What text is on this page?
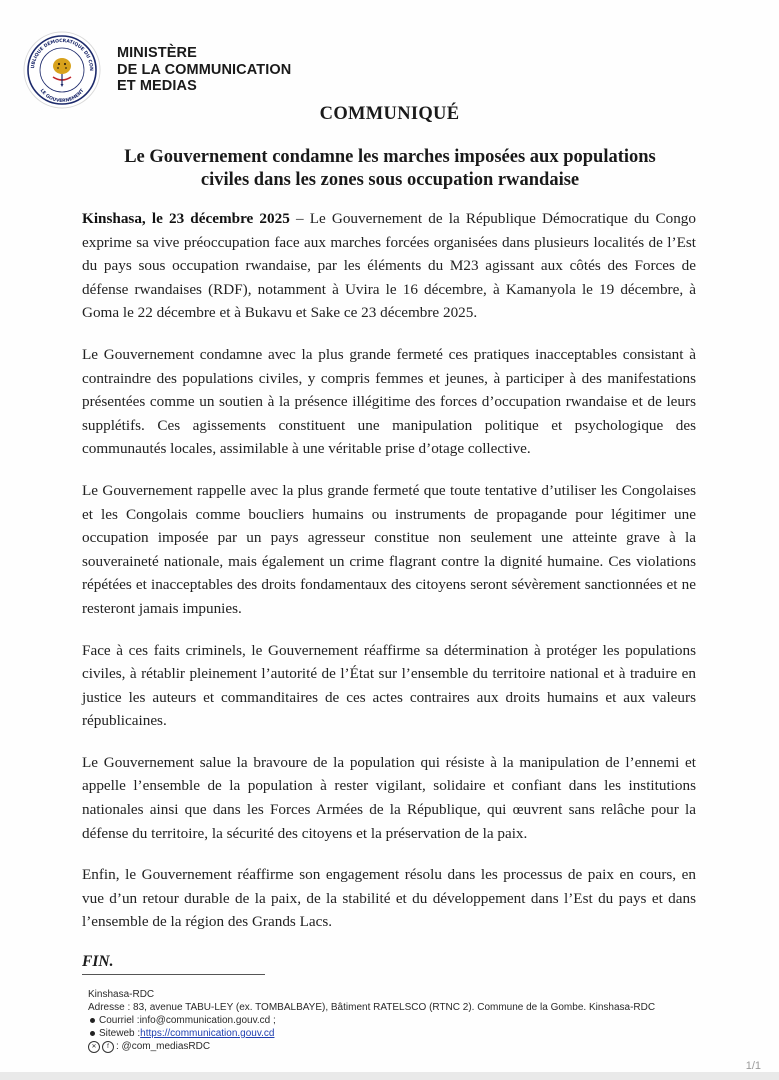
UBLIQUE DÉMOCRATIQUE DU CON
LE GOUVERNEMENT
MINISTÈRE
DE LA COMMUNICATION
ET MEDIAS
COMMUNIQUÉ
Le Gouvernement condamne les marches imposées aux populations
civiles dans les zones sous occupation rwandaise

Kinshasa, le 23 décembre 2025 – Le Gouvernement de la République Démocratique du Congo exprime sa vive préoccupation face aux marches forcées organisées dans plusieurs localités de l’Est du pays sous occupation rwandaise, par les éléments du M23 agissant aux côtés des Forces de défense rwandaises (RDF), notamment à Uvira le 16 décembre, à Kamanyola le 19 décembre, à Goma le 22 décembre et à Bukavu et Sake ce 23 décembre 2025.

Le Gouvernement condamne avec la plus grande fermeté ces pratiques inacceptables consistant à contraindre des populations civiles, y compris femmes et jeunes, à participer à des manifestations présentées comme un soutien à la présence illégitime des forces d’occupation rwandaise et de leurs supplétifs. Ces agissements constituent une manipulation politique et psychologique des communautés locales, assimilable à une véritable prise d’otage collective.

Le Gouvernement rappelle avec la plus grande fermeté que toute tentative d’utiliser les Congolaises et les Congolais comme boucliers humains ou instruments de propagande pour légitimer une occupation imposée par un pays agresseur constitue non seulement une atteinte grave à la souveraineté nationale, mais également un crime flagrant contre la dignité humaine. Ces violations répétées et inacceptables des droits fondamentaux des citoyens seront sévèrement sanctionnées et ne resteront jamais impunies.

Face à ces faits criminels, le Gouvernement réaffirme sa détermination à protéger les populations civiles, à rétablir pleinement l’autorité de l’État sur l’ensemble du territoire national et à traduire en justice les auteurs et commanditaires de ces actes contraires aux droits humains et aux valeurs républicaines.

Le Gouvernement salue la bravoure de la population qui résiste à la manipulation de l’ennemi et appelle l’ensemble de la population à rester vigilant, solidaire et confiant dans les institutions nationales ainsi que dans les Forces Armées de la République, qui œuvrent sans relâche pour la défense du territoire, la sécurité des citoyens et la préservation de la paix.

Enfin, le Gouvernement réaffirme son engagement résolu dans les processus de paix en cours, en vue d’un retour durable de la paix, de la stabilité et du développement dans l’Est du pays et dans l’ensemble de la région des Grands Lacs.

FIN.
Kinshasa-RDC
Adresse : 83, avenue TABU-LEY (ex. TOMBALBAYE), Bâtiment RATELSCO (RTNC 2). Commune de la Gombe. Kinshasa-RDC
Courriel : info@communication.gouv.cd ;
Siteweb : https://communication.gouv.cd
✕	f : @com_mediasRDC
1/1
